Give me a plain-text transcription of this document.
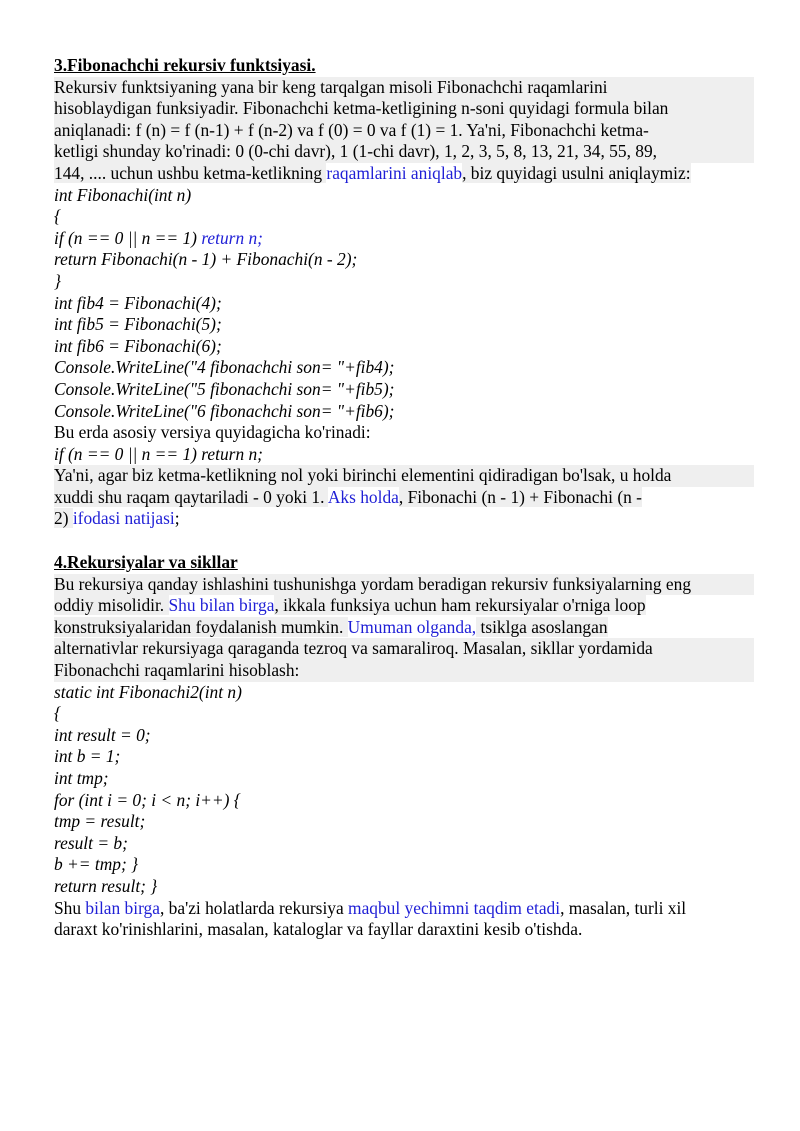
3.Fibonachchi rekursiv funktsiyasi.
Rekursiv funktsiyaning yana bir keng tarqalgan misoli Fibonachchi raqamlarini
hisoblaydigan funksiyadir. Fibonachchi ketma-ketligining n-soni quyidagi formula bilan
aniqlanadi: f (n) = f (n-1) + f (n-2) va f (0) = 0 va f (1) = 1. Ya'ni, Fibonachchi ketma-
ketligi shunday ko'rinadi: 0 (0-chi davr), 1 (1-chi davr), 1, 2, 3, 5, 8, 13, 21, 34, 55, 89,
144, .... uchun ushbu ketma-ketlikning raqamlarini aniqlab, biz quyidagi usulni aniqlaymiz:
int Fibonachi(int n)
{
if (n == 0 || n == 1) return n;
return Fibonachi(n - 1) + Fibonachi(n - 2);
}
int fib4 = Fibonachi(4);
int fib5 = Fibonachi(5);
int fib6 = Fibonachi(6);
Console.WriteLine("4 fibonachchi son= "+fib4);
Console.WriteLine("5 fibonachchi son= "+fib5);
Console.WriteLine("6 fibonachchi son= "+fib6);
Bu erda asosiy versiya quyidagicha ko'rinadi:
if (n == 0 || n == 1) return n;
Ya'ni, agar biz ketma-ketlikning nol yoki birinchi elementini qidiradigan bo'lsak, u holda
xuddi shu raqam qaytariladi - 0 yoki 1. Aks holda, Fibonachi (n - 1) + Fibonachi (n -
2) ifodasi natijasi;
4.Rekursiyalar va sikllar
Bu rekursiya qanday ishlashini tushunishga yordam beradigan rekursiv funksiyalarning eng
oddiy misolidir. Shu bilan birga, ikkala funksiya uchun ham rekursiyalar o'rniga loop
konstruksiyalaridan foydalanish mumkin. Umuman olganda, tsiklga asoslangan
alternativlar rekursiyaga qaraganda tezroq va samaraliroq. Masalan, sikllar yordamida
Fibonachchi raqamlarini hisoblash:
static int Fibonachi2(int n)
{
int result = 0;
int b = 1;
int tmp;
for (int i = 0; i < n; i++) {
tmp = result;
result = b;
b += tmp; }
return result; }
Shu bilan birga, ba'zi holatlarda rekursiya maqbul yechimni taqdim etadi, masalan, turli xil
daraxt ko'rinishlarini, masalan, kataloglar va fayllar daraxtini kesib o'tishda.
